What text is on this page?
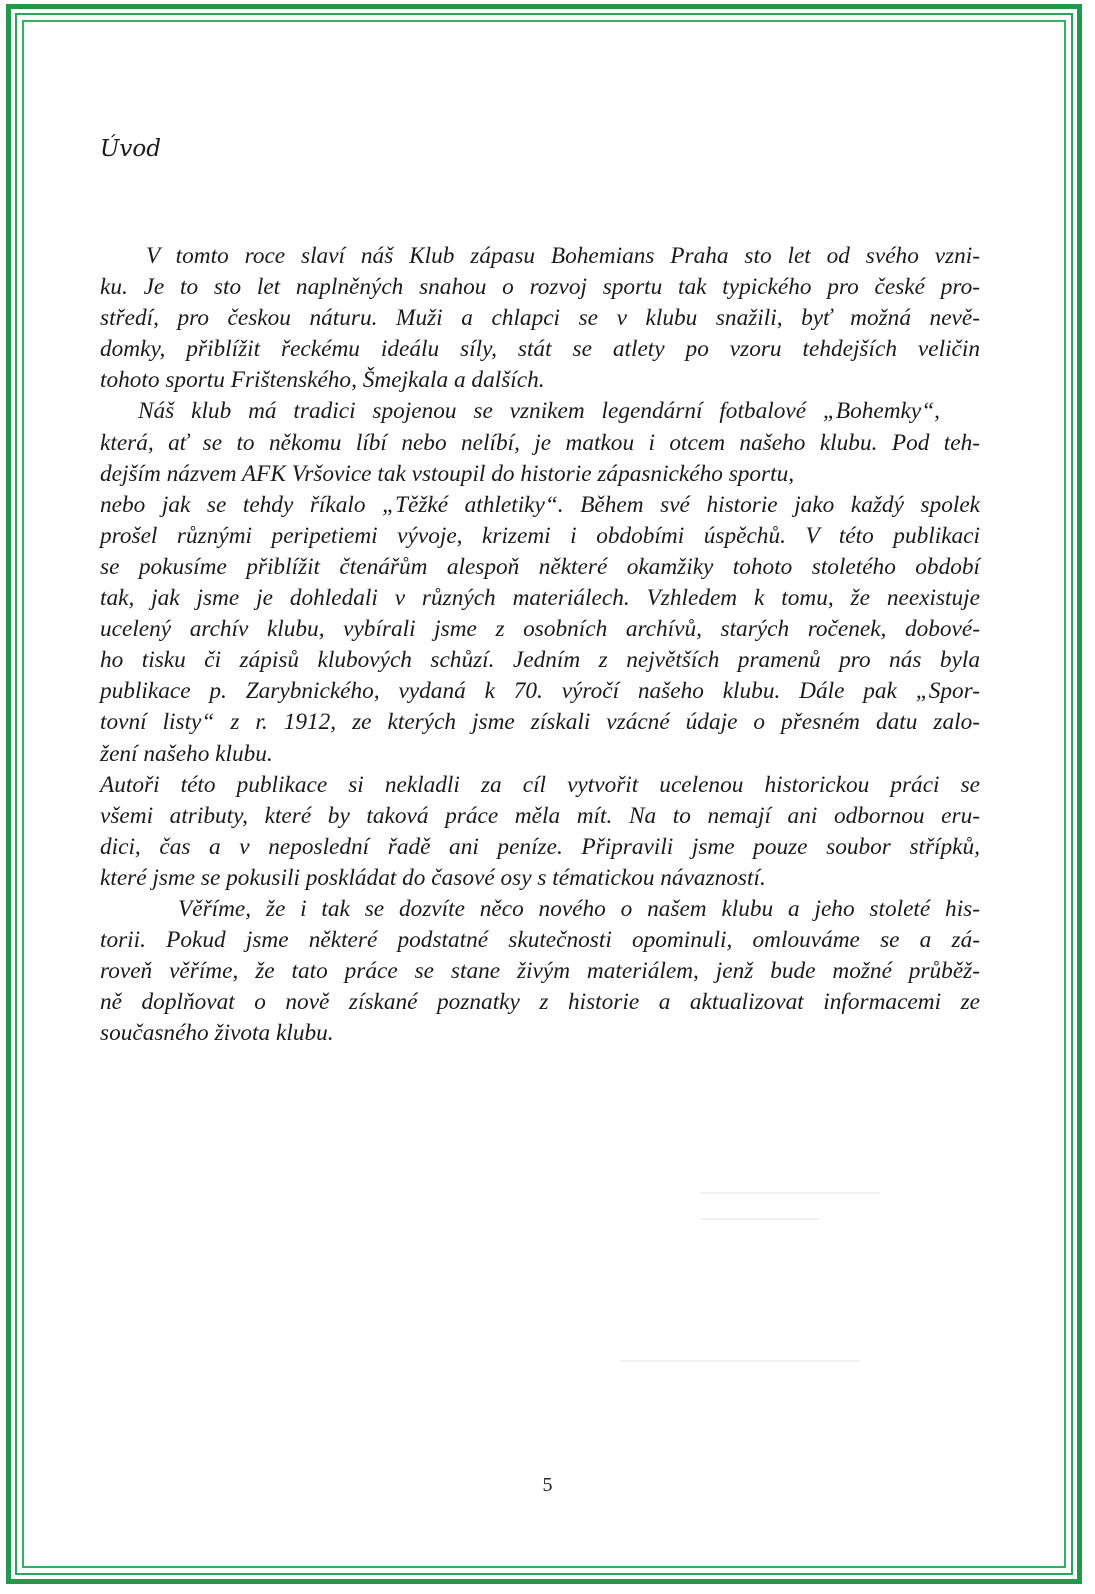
Úvod
V tomto roce slaví náš Klub zápasu Bohemians Praha sto let od svého vzni-
ku. Je to sto let naplněných snahou o rozvoj sportu tak typického pro české pro-
středí, pro českou náturu. Muži a chlapci se v klubu snažili, byť možná nevě-
domky, přiblížit řeckému ideálu síly, stát se atlety po vzoru tehdejších veličin
tohoto sportu Frištenského, Šmejkala a dalších.
Náš klub má tradici spojenou se vznikem legendární fotbalové „Bohemky“,
která, ať se to někomu líbí nebo nelíbí, je matkou i otcem našeho klubu. Pod teh-
dejším názvem AFK Vršovice tak vstoupil do historie zápasnického sportu,
nebo jak se tehdy říkalo „Těžké athletiky“. Během své historie jako každý spolek
prošel různými peripetiemi vývoje, krizemi i obdobími úspěchů. V této publikaci
se pokusíme přiblížit čtenářům alespoň některé okamžiky tohoto stoletého období
tak, jak jsme je dohledali v různých materiálech. Vzhledem k tomu, že neexistuje
ucelený archív klubu, vybírali jsme z osobních archívů, starých ročenek, dobové-
ho tisku či zápisů klubových schůzí. Jedním z největších pramenů pro nás byla
publikace p. Zarybnického, vydaná k 70. výročí našeho klubu. Dále pak „Spor-
tovní listy“ z r. 1912, ze kterých jsme získali vzácné údaje o přesném datu zalo-
žení našeho klubu.
Autoři této publikace si nekladli za cíl vytvořit ucelenou historickou práci se
všemi atributy, které by taková práce měla mít. Na to nemají ani odbornou eru-
dici, čas a v neposlední řadě ani peníze. Připravili jsme pouze soubor střípků,
které jsme se pokusili poskládat do časové osy s tématickou návazností.
Věříme, že i tak se dozvíte něco nového o našem klubu a jeho stoleté his-
torii. Pokud jsme některé podstatné skutečnosti opominuli, omlouváme se a zá-
roveň věříme, že tato práce se stane živým materiálem, jenž bude možné průběž-
ně doplňovat o nově získané poznatky z historie a aktualizovat informacemi ze
současného života klubu.
5
